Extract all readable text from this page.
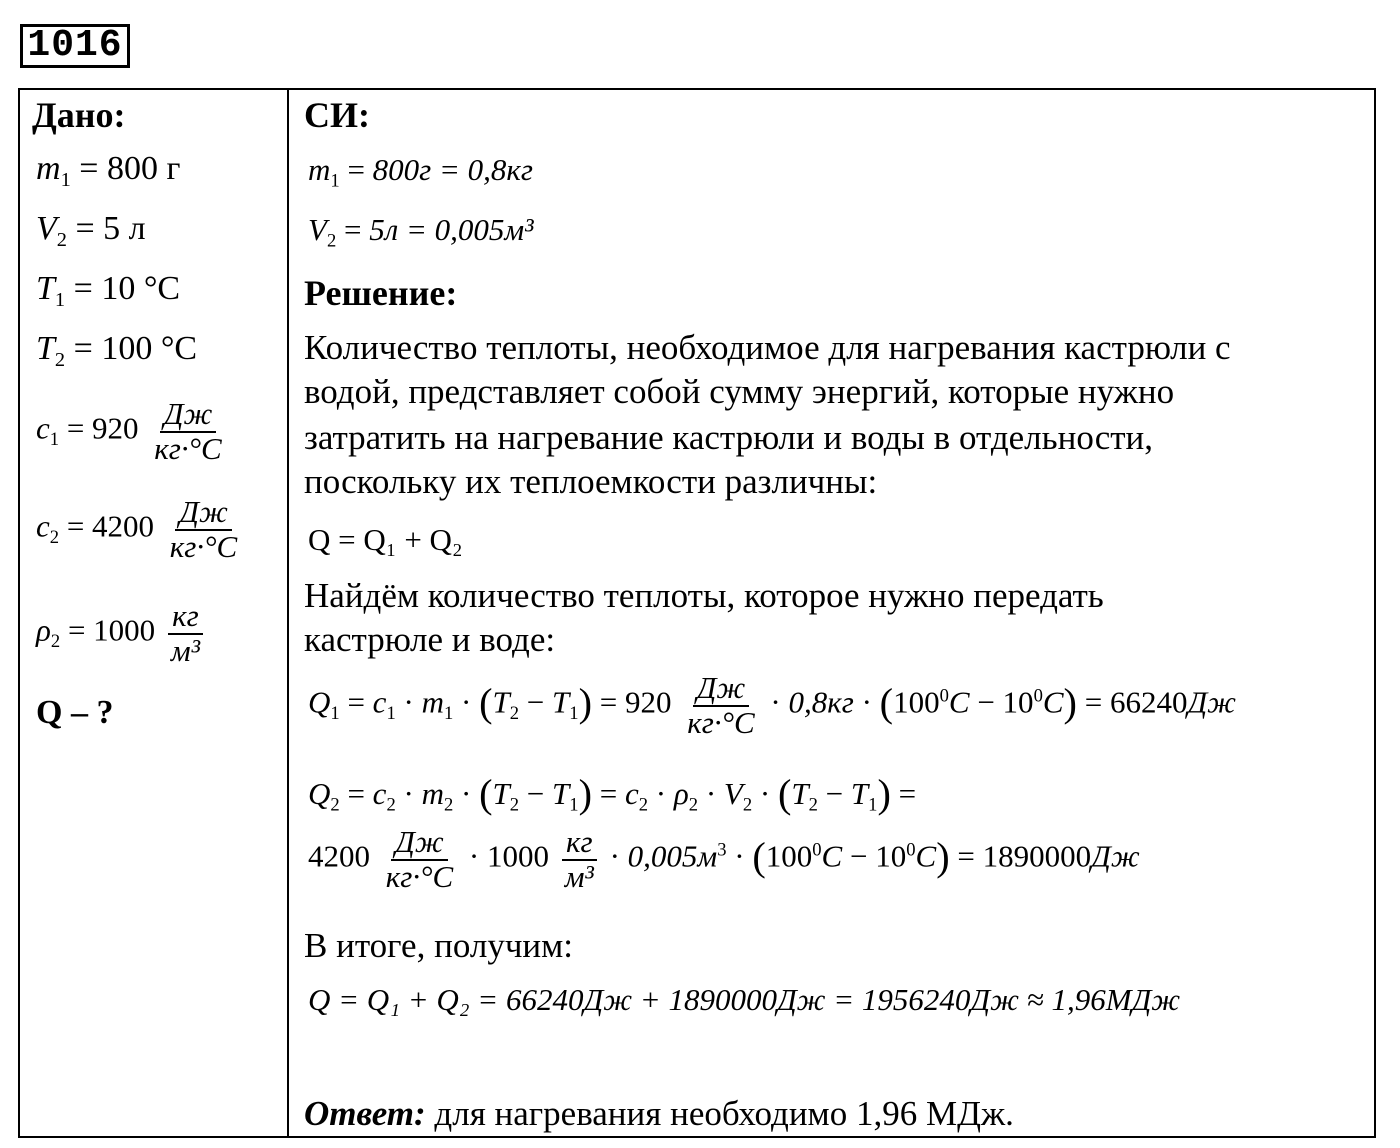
1016
Дано:
$m_1 = 800$ г
$V_2 = 5$ л
$T_1 = 10$ °C
$T_2 = 100$ °C
$c_1 = 920 \frac{Дж}{кг\cdot^\circ C}$
$c_2 = 4200 \frac{Дж}{кг\cdot^\circ C}$
$\rho_2 = 1000 \frac{кг}{\text{м³}}$
Q – ?
СИ:
$m_1 = 800г = 0,8кг$
$V_2 = 5л = 0,005м^3$
Решение:
Количество теплоты, необходимое для нагревания кастрюли с
водой, представляет собой сумму энергий, которые нужно
затратить на нагревание кастрюли и воды в отдельности,
поскольку их теплоемкости различны:
Q = Q₁ + Q₂
Найдём количество теплоты, которое нужно передать
кастрюле и воде:
$Q_1 = c_1 \cdot m_1 \cdot (T_2 - T_1) = 920 \frac{Дж}{кг\cdot^\circ C} \cdot 0,8кг \cdot (100^0C - 10^0C) = 66240Дж$
$Q_2 = c_2 \cdot m_2 \cdot (T_2 - T_1) = c_2 \cdot \rho_2 \cdot V_2 \cdot (T_2 - T_1)$ =
$4200 \frac{Дж}{кг\cdot^\circ C} \cdot 1000 \frac{кг}{\text{м³}} \cdot 0,005м^3 \cdot (100^0C - 10^0C) = 1890000Дж$
В итоге, получим:
Q = Q₁ + Q₂ = 66240Дж + 1890000Дж = 1956240Дж ≈ 1,96МДж
Ответ: для нагревания необходимо 1,96 МДж.
